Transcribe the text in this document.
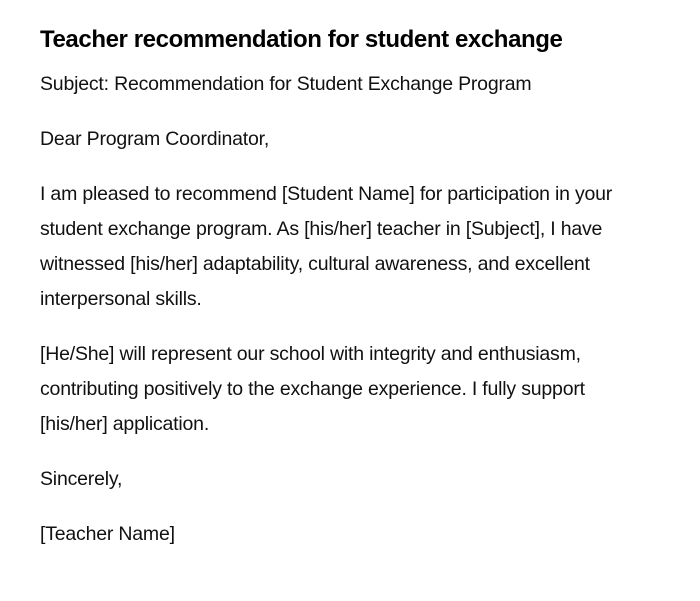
Teacher recommendation for student exchange

Subject: Recommendation for Student Exchange Program

Dear Program Coordinator,

I am pleased to recommend [Student Name] for participation in your student exchange program. As [his/her] teacher in [Subject], I have witnessed [his/her] adaptability, cultural awareness, and excellent interpersonal skills.

[He/She] will represent our school with integrity and enthusiasm, contributing positively to the exchange experience. I fully support [his/her] application.

Sincerely,

[Teacher Name]
